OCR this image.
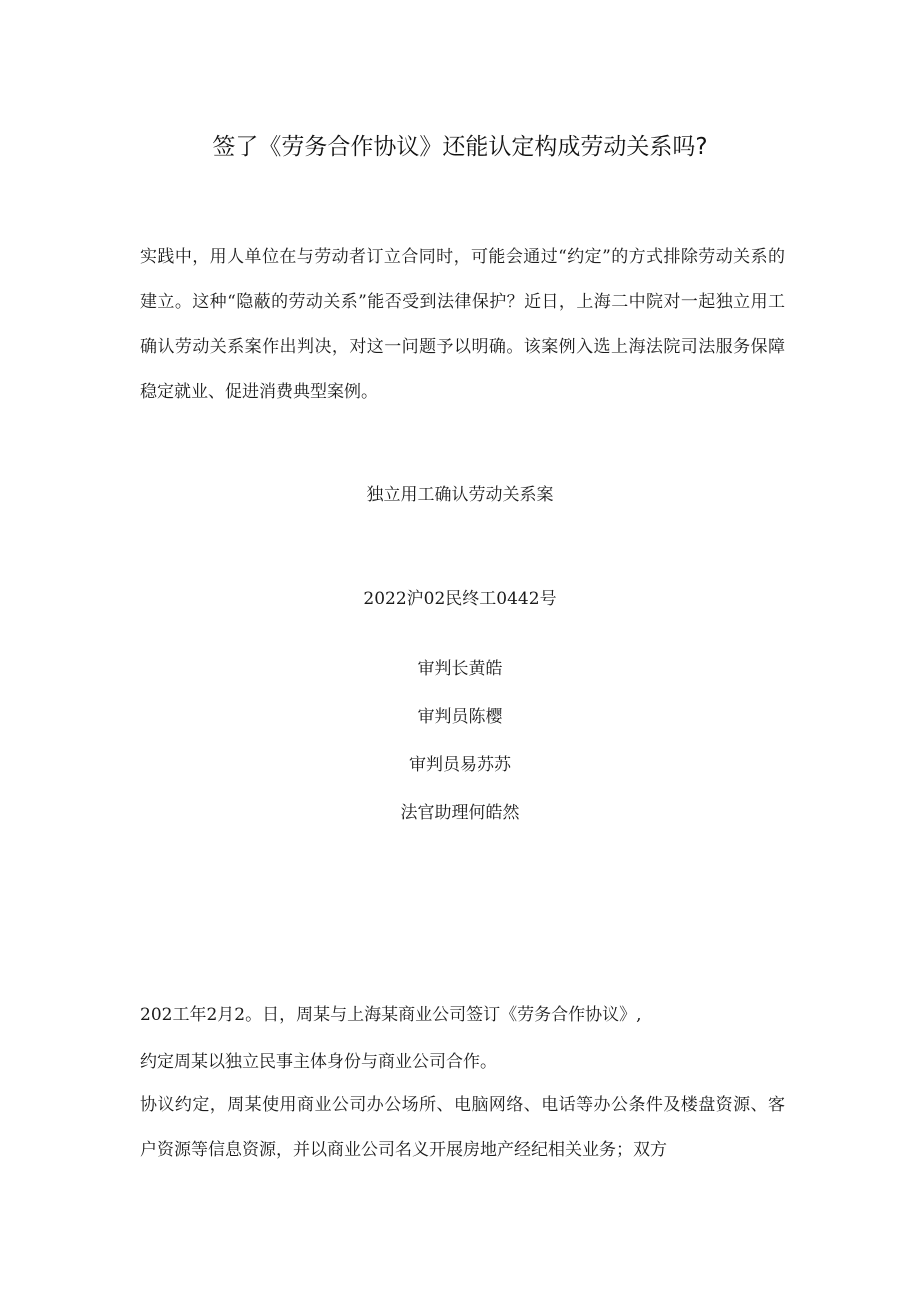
签了《劳务合作协议》还能认定构成劳动关系吗?
实践中，用人单位在与劳动者订立合同时，可能会通过“约定”的方式排除劳动关系的建立。这种“隐蔽的劳动关系”能否受到法律保护？近日，上海二中院对一起独立用工确认劳动关系案作出判决，对这一问题予以明确。该案例入选上海法院司法服务保障稳定就业、促进消费典型案例。
独立用工确认劳动关系案
2022沪02民终工0442号
审判长黄皓
审判员陈樱
审判员易苏苏
法官助理何皓然
202工年2月2。日，周某与上海某商业公司签订《劳务合作协议》,
约定周某以独立民事主体身份与商业公司合作。
协议约定，周某使用商业公司办公场所、电脑网络、电话等办公条件及楼盘资源、客户资源等信息资源，并以商业公司名义开展房地产经纪相关业务；双方
